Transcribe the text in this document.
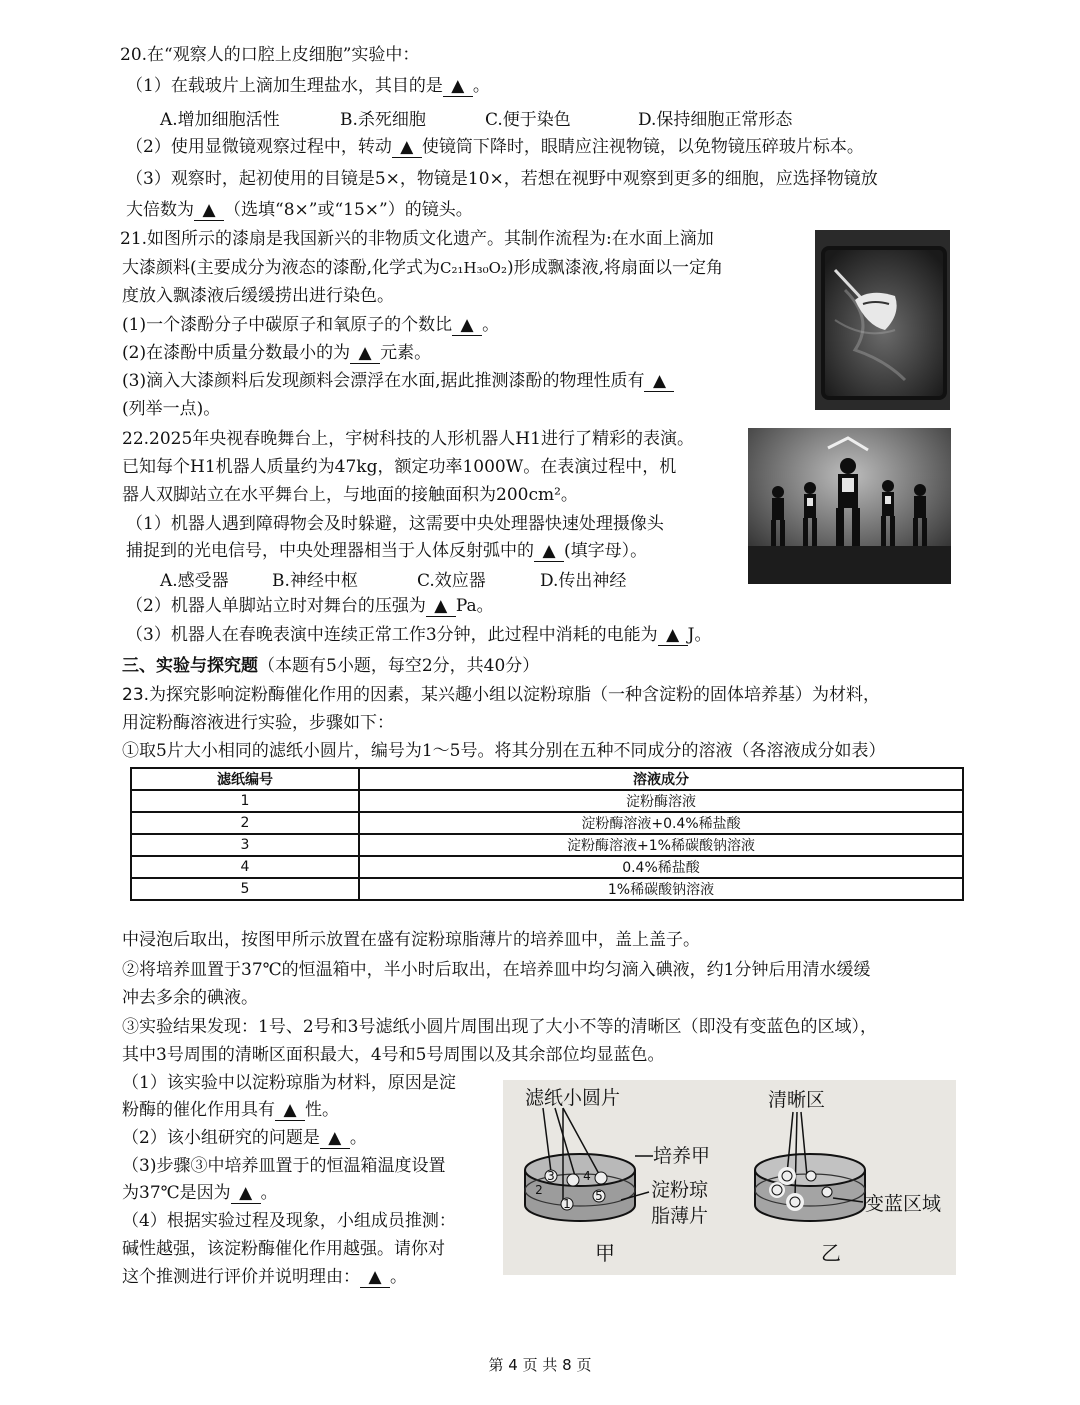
20.在“观察人的口腔上皮细胞”实验中：
（1）在载玻片上滴加生理盐水，其目的是 ▲ 。
A.增加细胞活性	B.杀死细胞	C.便于染色	D.保持细胞正常形态
（2）使用显微镜观察过程中，转动 ▲ 使镜筒下降时，眼睛应注视物镜，以免物镜压碎玻片标本。
（3）观察时，起初使用的目镜是5×，物镜是10×，若想在视野中观察到更多的细胞，应选择物镜放
大倍数为 ▲ （选填“8×”或“15×”）的镜头。
21.如图所示的漆扇是我国新兴的非物质文化遗产。其制作流程为:在水面上滴加
大漆颜料(主要成分为液态的漆酚,化学式为C₂₁H₃₀O₂)形成飘漆液,将扇面以一定角
度放入飘漆液后缓缓捞出进行染色。
(1)一个漆酚分子中碳原子和氧原子的个数比 ▲ 。
(2)在漆酚中质量分数最小的为 ▲ 元素。
(3)滴入大漆颜料后发现颜料会漂浮在水面,据此推测漆酚的物理性质有 ▲
(列举一点)。
22.2025年央视春晚舞台上，宇树科技的人形机器人H1进行了精彩的表演。
已知每个H1机器人质量约为47kg，额定功率1000W。在表演过程中，机
器人双脚站立在水平舞台上，与地面的接触面积为200cm²。
（1）机器人遇到障碍物会及时躲避，这需要中央处理器快速处理摄像头
捕捉到的光电信号，中央处理器相当于人体反射弧中的 ▲ (填字母）。
A.感受器	B.神经中枢	C.效应器	D.传出神经
（2）机器人单脚站立时对舞台的压强为 ▲ Pa。
（3）机器人在春晚表演中连续正常工作3分钟，此过程中消耗的电能为 ▲ J。
三、实验与探究题（本题有5小题，每空2分，共40分）
23.为探究影响淀粉酶催化作用的因素，某兴趣小组以淀粉琼脂（一种含淀粉的固体培养基）为材料，
用淀粉酶溶液进行实验，步骤如下：
①取5片大小相同的滤纸小圆片，编号为1～5号。将其分别在五种不同成分的溶液（各溶液成分如表）
滤纸编号	溶液成分
1	淀粉酶溶液
2	淀粉酶溶液+0.4%稀盐酸
3	淀粉酶溶液+1%稀碳酸钠溶液
4	0.4%稀盐酸
5	1%稀碳酸钠溶液
中浸泡后取出，按图甲所示放置在盛有淀粉琼脂薄片的培养皿中，盖上盖子。
②将培养皿置于37℃的恒温箱中，半小时后取出，在培养皿中均匀滴入碘液，约1分钟后用清水缓缓
冲去多余的碘液。
③实验结果发现：1号、2号和3号滤纸小圆片周围出现了大小不等的清晰区（即没有变蓝色的区域），
其中3号周围的清晰区面积最大，4号和5号周围以及其余部位均显蓝色。
（1）该实验中以淀粉琼脂为材料，原因是淀
粉酶的催化作用具有 ▲ 性。
（2）该小组研究的问题是 ▲ 。
（3)步骤③中培养皿置于的恒温箱温度设置
为37℃是因为 ▲ 。
（4）根据实验过程及现象，小组成员推测：
碱性越强，该淀粉酶催化作用越强。请你对
这个推测进行评价并说明理由： ▲ 。
滤纸小圆片	清晰区
培养甲
淀粉琼
脂薄片
变蓝区域
甲	乙
1
2
3 4
5
第 4 页 共 8 页
